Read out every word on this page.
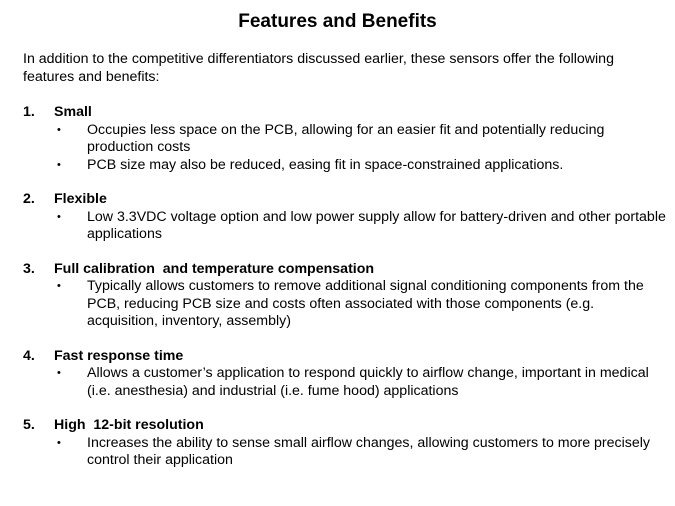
Features and Benefits

In addition to the competitive differentiators discussed earlier, these sensors offer the following features and benefits:

1.	Small
•	Occupies less space on the PCB, allowing for an easier fit and potentially reducing production costs
•	PCB size may also be reduced, easing fit in space-constrained applications.
2.	Flexible
•	Low 3.3VDC voltage option and low power supply allow for battery-driven and other portable applications
3.	Full calibration  and temperature compensation
•	Typically allows customers to remove additional signal conditioning components from the PCB, reducing PCB size and costs often associated with those components (e.g. acquisition, inventory, assembly)
4.	Fast response time
•	Allows a customer’s application to respond quickly to airflow change, important in medical (i.e. anesthesia) and industrial (i.e. fume hood) applications
5.	High  12-bit resolution
•	Increases the ability to sense small airflow changes, allowing customers to more precisely control their application
